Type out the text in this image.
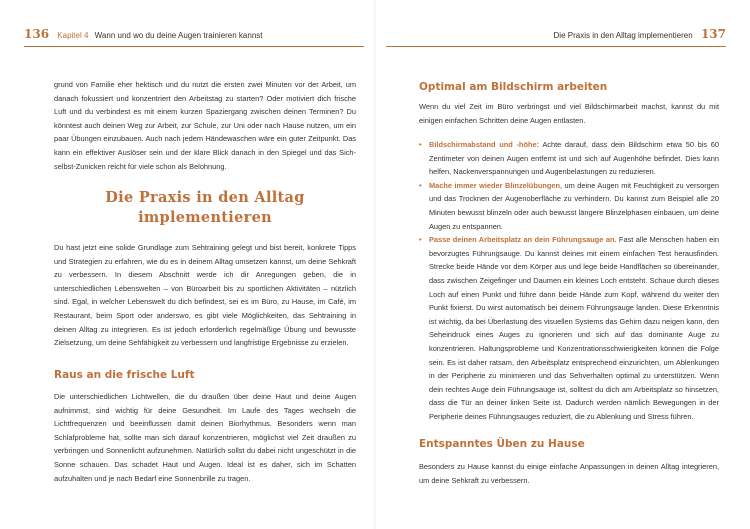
136 Kapitel 4 Wann und wo du deine Augen trainieren kannst

grund von Familie eher hektisch und du nutzt die ersten zwei Minuten vor der Arbeit, um danach fokussiert und konzentriert den Arbeitstag zu starten? Oder motiviert dich frische Luft und du verbindest es mit einem kurzen Spaziergang zwischen deinen Terminen? Du könntest auch deinen Weg zur Arbeit, zur Schule, zur Uni oder nach Hause nutzen, um ein paar Übungen einzubauen. Auch nach jedem Händewaschen wäre ein guter Zeitpunkt. Das kann ein effektiver Auslöser sein und der klare Blick danach in den Spiegel und das Sich-selbst-Zunicken reicht für viele schon als Belohnung.

Die Praxis in den Alltag
implementieren

Du hast jetzt eine solide Grundlage zum Sehtraining gelegt und bist bereit, konkrete Tipps und Strategien zu erfahren, wie du es in deinem Alltag umsetzen kannst, um deine Sehkraft zu verbessern. In diesem Abschnitt werde ich dir Anregungen geben, die in unterschiedlichen Lebenswelten – von Büroarbeit bis zu sportlichen Aktivitäten – nützlich sind. Egal, in welcher Lebenswelt du dich befindest, sei es im Büro, zu Hause, im Café, im Restaurant, beim Sport oder anderswo, es gibt viele Möglichkeiten, das Sehtraining in deinen Alltag zu integrieren. Es ist jedoch erforderlich regelmäßige Übung und bewusste Zielsetzung, um deine Sehfähigkeit zu verbessern und langfristige Ergebnisse zu erzielen.

Raus an die frische Luft

Die unterschiedlichen Lichtwellen, die du draußen über deine Haut und deine Augen aufnimmst, sind wichtig für deine Gesundheit. Im Laufe des Tages wechseln die Lichtfrequenzen und beeinflussen damit deinen Biorhythmus. Besonders wenn man Schlafprobleme hat, sollte man sich darauf konzentrieren, möglichst viel Zeit draußen zu verbringen und Sonnenlicht aufzunehmen. Natürlich sollst du dabei nicht ungeschützt in die Sonne schauen. Das schadet Haut und Augen. Ideal ist es daher, sich im Schatten aufzuhalten und je nach Bedarf eine Sonnenbrille zu tragen.

Die Praxis in den Alltag implementieren 137
Optimal am Bildschirm arbeiten

Wenn du viel Zeit im Büro verbringst und viel Bildschirmarbeit machst, kannst du mit einigen einfachen Schritten deine Augen entlasten.

• Bildschirmabstand und -höhe: Achte darauf, dass dein Bildschirm etwa 50 bis 60 Zentimeter von deinen Augen entfernt ist und sich auf Augenhöhe befindet. Dies kann helfen, Nackenverspannungen und Augenbelastungen zu reduzieren.
• Mache immer wieder Blinzelübungen, um deine Augen mit Feuchtigkeit zu versorgen und das Trocknen der Augenoberfläche zu verhindern. Du kannst zum Beispiel alle 20 Minuten bewusst blinzeln oder auch bewusst längere Blinzelphasen einbauen, um deine Augen zu entspannen.
• Passe deinen Arbeitsplatz an dein Führungsauge an. Fast alle Menschen haben ein bevorzugtes Führungsauge. Du kannst deines mit einem einfachen Test herausfinden. Strecke beide Hände vor dem Körper aus und lege beide Handflächen so übereinander, dass zwischen Zeigefinger und Daumen ein kleines Loch entsteht. Schaue durch dieses Loch auf einen Punkt und führe dann beide Hände zum Kopf, während du weiter den Punkt fixierst. Du wirst automatisch bei deinem Führungsauge landen. Diese Erkenntnis ist wichtig, da bei Überlastung des visuellen Systems das Gehirn dazu neigen kann, den Seheindruck eines Auges zu ignorieren und sich auf das dominante Auge zu konzentrieren. Haltungsprobleme und Konzentrationsschwierigkeiten können die Folge sein. Es ist daher ratsam, den Arbeitsplatz entsprechend einzurichten, um Ablenkungen in der Peripherie zu minimieren und das Sehverhalten optimal zu unterstützen. Wenn dein rechtes Auge dein Führungsauge ist, solltest du dich am Arbeitsplatz so hinsetzen, dass die Tür an deiner linken Seite ist. Dadurch werden nämlich Bewegungen in der Peripherie deines Führungsauges reduziert, die zu Ablenkung und Stress führen.
Entspanntes Üben zu Hause

Besonders zu Hause kannst du einige einfache Anpassungen in deinen Alltag integrieren, um deine Sehkraft zu verbessern.
